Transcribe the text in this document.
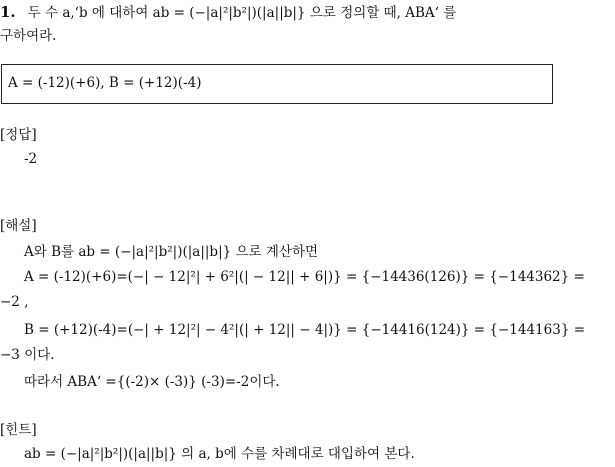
1. 두 수 a,‘b 에 대하여 ab = (−|a|²|b²|)(|a||b|} 으로 정의할 때, ABA‘ 를
구하여라.
A = (-12)(+6), B = (+12)(-4)
[정답]
-2
[해설]
A와 B를 ab = (−|a|²|b²|)(|a||b|} 으로 계산하면
A = (-12)(+6)=(−| − 12|²| + 6²|(| − 12|| + 6|)} = {−14436(126)} = {−144362} =
−2 ,
B = (+12)(-4)=(−| + 12|²| − 4²|(| + 12|| − 4|)} = {−14416(124)} = {−144163} =
−3 이다.
따라서 ABA‘ ={(-2)× (-3)} (-3)=-2이다.
[힌트]
ab = (−|a|²|b²|)(|a||b|} 의 a, b에 수를 차례대로 대입하여 본다.
